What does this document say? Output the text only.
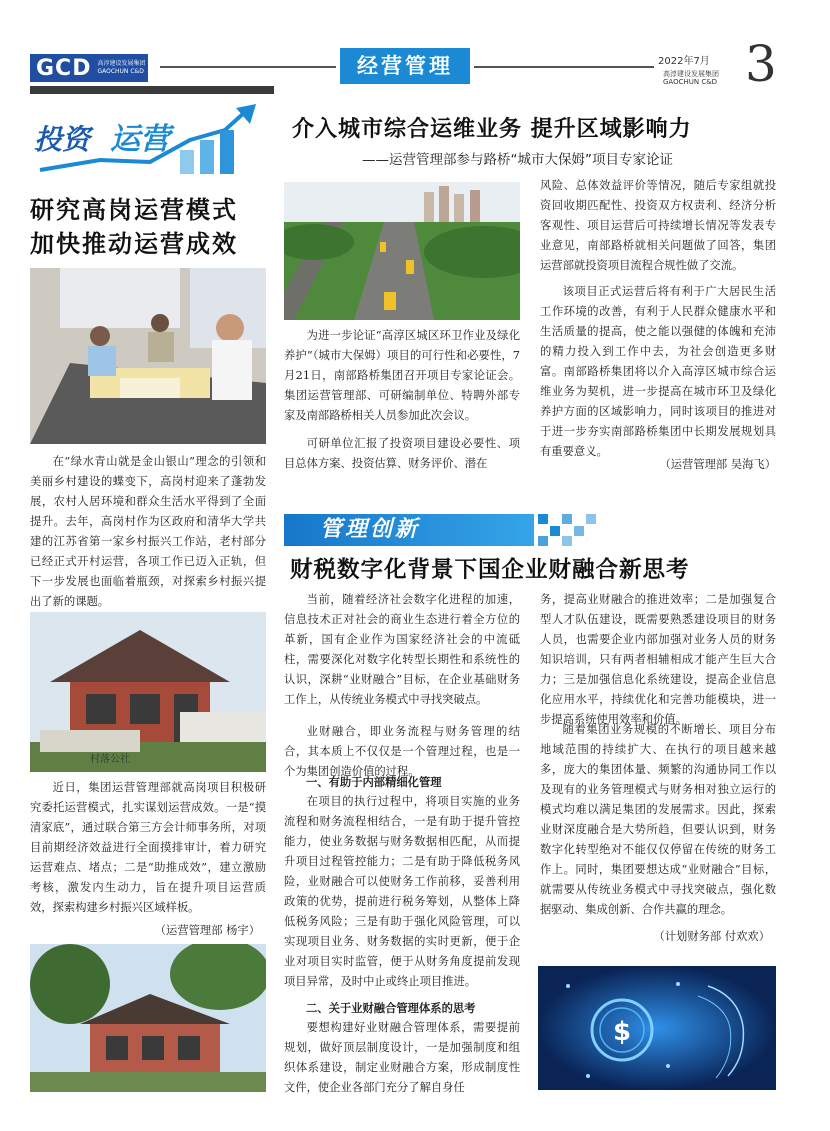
GCD	高淳建设发展集团
GAOCHUN C&D	经营管理	2022年7月
高淳建设发展集团
GAOCHUN C&D 3
投资 运营
研究高岗运营模式
加快推动运营成效
在“绿水青山就是金山银山”理念的引领和美丽乡村建设的蝶变下，高岗村迎来了蓬勃发展，农村人居环境和群众生活水平得到了全面提升。去年，高岗村作为区政府和清华大学共建的江苏省第一家乡村振兴工作站，老村部分已经正式开村运营，各项工作已迈入正轨，但下一步发展也面临着瓶颈，对探索乡村振兴提出了新的课题。
村落公社
近日，集团运营管理部就高岗项目积极研究委托运营模式，扎实谋划运营成效。一是“摸清家底”，通过联合第三方会计师事务所，对项目前期经济效益进行全面摸排审计，着力研究运营难点、堵点；二是“助推成效”，建立激励考核，激发内生动力，旨在提升项目运营质效，探索构建乡村振兴区域样板。
（运营管理部 杨宇）
介入城市综合运维业务 提升区域影响力
——运营管理部参与路桥“城市大保姆”项目专家论证
为进一步论证“高淳区城区环卫作业及绿化养护”（城市大保姆）项目的可行性和必要性，7月21日，南部路桥集团召开项目专家论证会。集团运营管理部、可研编制单位、特聘外部专家及南部路桥相关人员参加此次会议。
可研单位汇报了投资项目建设必要性、项目总体方案、投资估算、财务评价、潜在
风险、总体效益评价等情况，随后专家组就投资回收期匹配性、投资双方权责利、经济分析客观性、项目运营后可持续增长情况等发表专业意见，南部路桥就相关问题做了回答，集团运营部就投资项目流程合规性做了交流。
该项目正式运营后将有利于广大居民生活工作环境的改善，有利于人民群众健康水平和生活质量的提高，使之能以强健的体魄和充沛的精力投入到工作中去，为社会创造更多财富。南部路桥集团将以介入高淳区城市综合运维业务为契机，进一步提高在城市环卫及绿化养护方面的区域影响力，同时该项目的推进对于进一步夯实南部路桥集团中长期发展规划具有重要意义。
（运营管理部 吴海飞）
管理创新
财税数字化背景下国企业财融合新思考
当前，随着经济社会数字化进程的加速，信息技术正对社会的商业生态进行着全方位的革新，国有企业作为国家经济社会的中流砥柱，需要深化对数字化转型长期性和系统性的认识，深耕“业财融合”目标，在企业基础财务工作上，从传统业务模式中寻找突破点。
业财融合，即业务流程与财务管理的结合，其本质上不仅仅是一个管理过程，也是一个为集团创造价值的过程。
一、有助于内部精细化管理
在项目的执行过程中，将项目实施的业务流程和财务流程相结合，一是有助于提升管控能力，使业务数据与财务数据相匹配，从而提升项目过程管控能力；二是有助于降低税务风险，业财融合可以使财务工作前移，妥善利用政策的优势，提前进行税务筹划，从整体上降低税务风险；三是有助于强化风险管理，可以实现项目业务、财务数据的实时更新，便于企业对项目实时监管，便于从财务角度提前发现项目异常，及时中止或终止项目推进。
二、关于业财融合管理体系的思考
要想构建好业财融合管理体系，需要提前规划，做好顶层制度设计，一是加强制度和组织体系建设，制定业财融合方案，形成制度性文件，使企业各部门充分了解自身任
务，提高业财融合的推进效率；二是加强复合型人才队伍建设，既需要熟悉建设项目的财务人员，也需要企业内部加强对业务人员的财务知识培训，只有两者相辅相成才能产生巨大合力；三是加强信息化系统建设，提高企业信息化应用水平，持续优化和完善功能模块，进一步提高系统使用效率和价值。
随着集团业务规模的不断增长、项目分布地域范围的持续扩大、在执行的项目越来越多，庞大的集团体量、频繁的沟通协同工作以及现有的业务管理模式与财务相对独立运行的模式均难以满足集团的发展需求。因此，探索业财深度融合是大势所趋，但要认识到，财务数字化转型绝对不能仅仅停留在传统的财务工作上。同时，集团要想达成“业财融合”目标，就需要从传统业务模式中寻找突破点，强化数据驱动、集成创新、合作共赢的理念。
（计划财务部 付欢欢）
$
